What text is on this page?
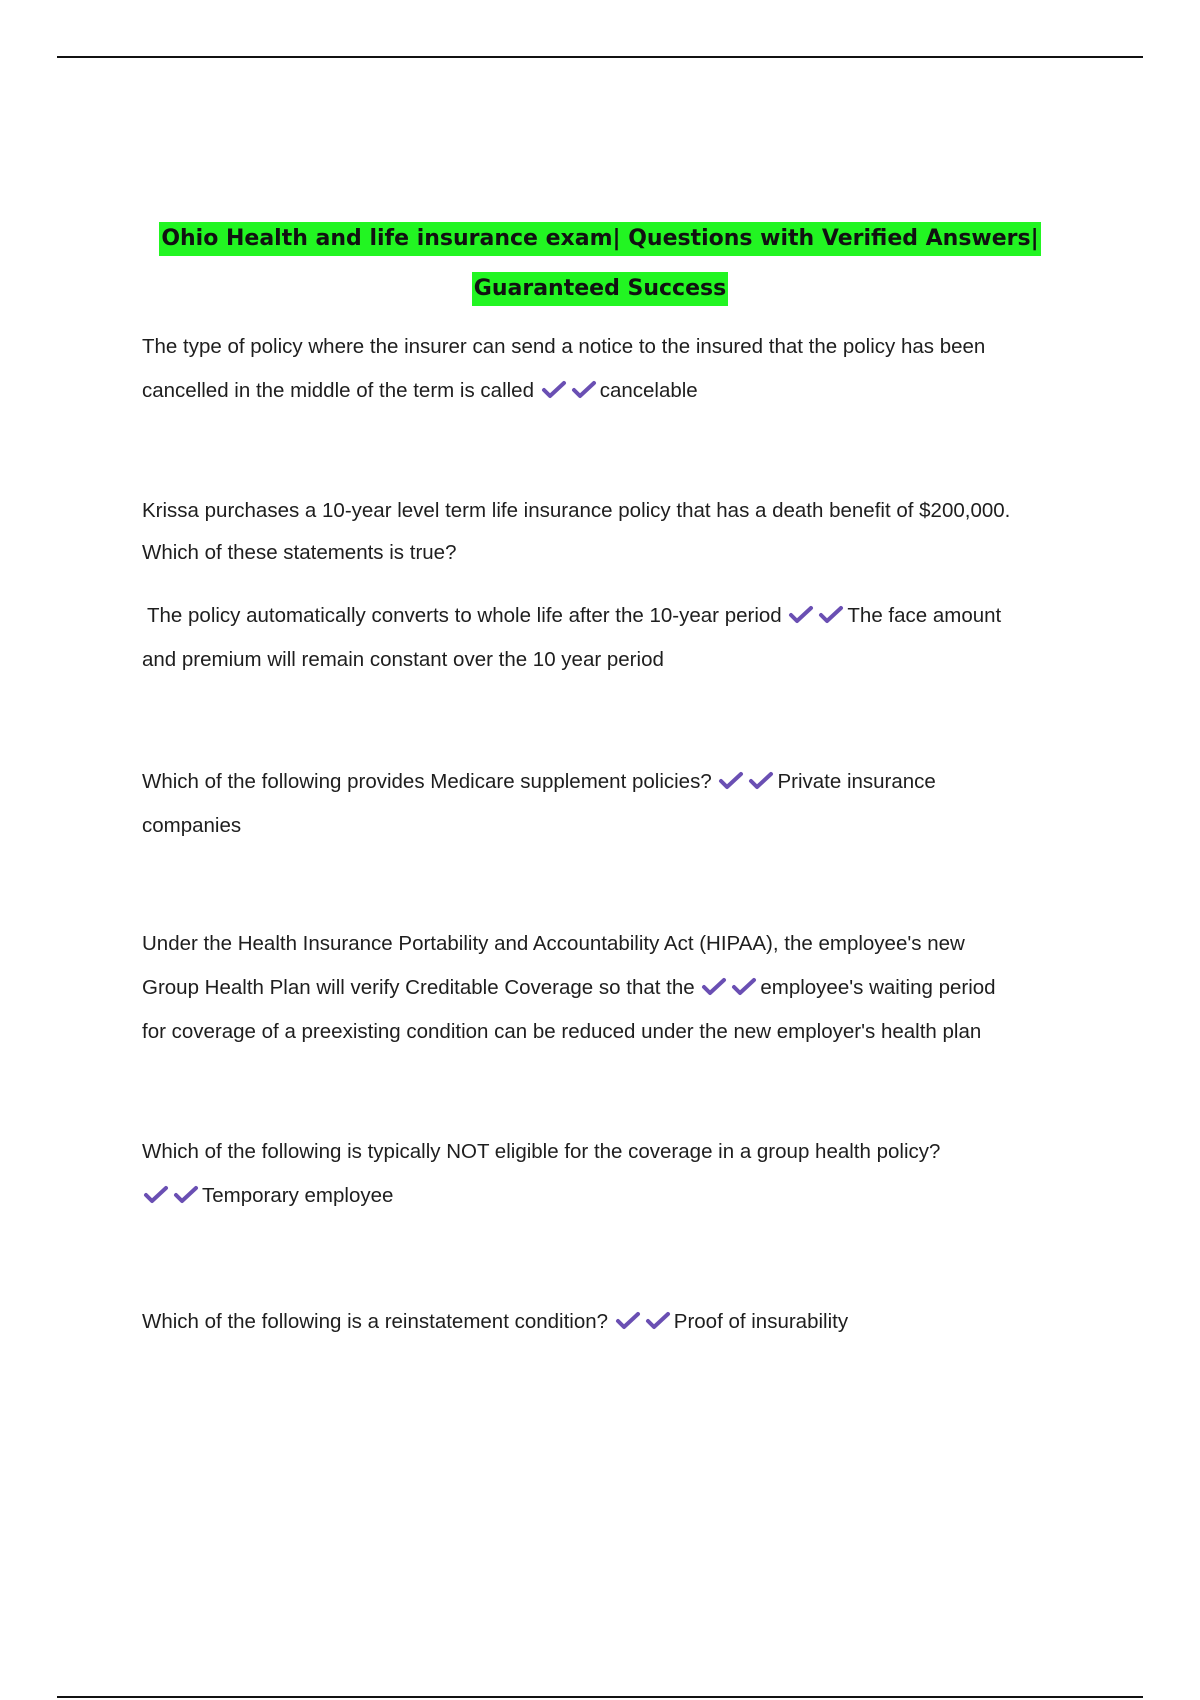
Ohio Health and life insurance exam| Questions with Verified Answers|
Guaranteed Success

The type of policy where the insurer can send a notice to the insured that the policy has been

cancelled in the middle of the term is called	cancelable

Krissa purchases a 10-year level term life insurance policy that has a death benefit of $200,000.

Which of these statements is true?

The policy automatically converts to whole life after the 10-year period	The face amount

and premium will remain constant over the 10 year period

Which of the following provides Medicare supplement policies?	Private insurance

companies

Under the Health Insurance Portability and Accountability Act (HIPAA), the employee's new

Group Health Plan will verify Creditable Coverage so that the	employee's waiting period

for coverage of a preexisting condition can be reduced under the new employer's health plan

Which of the following is typically NOT eligible for the coverage in a group health policy?

Temporary employee

Which of the following is a reinstatement condition?	Proof of insurability
